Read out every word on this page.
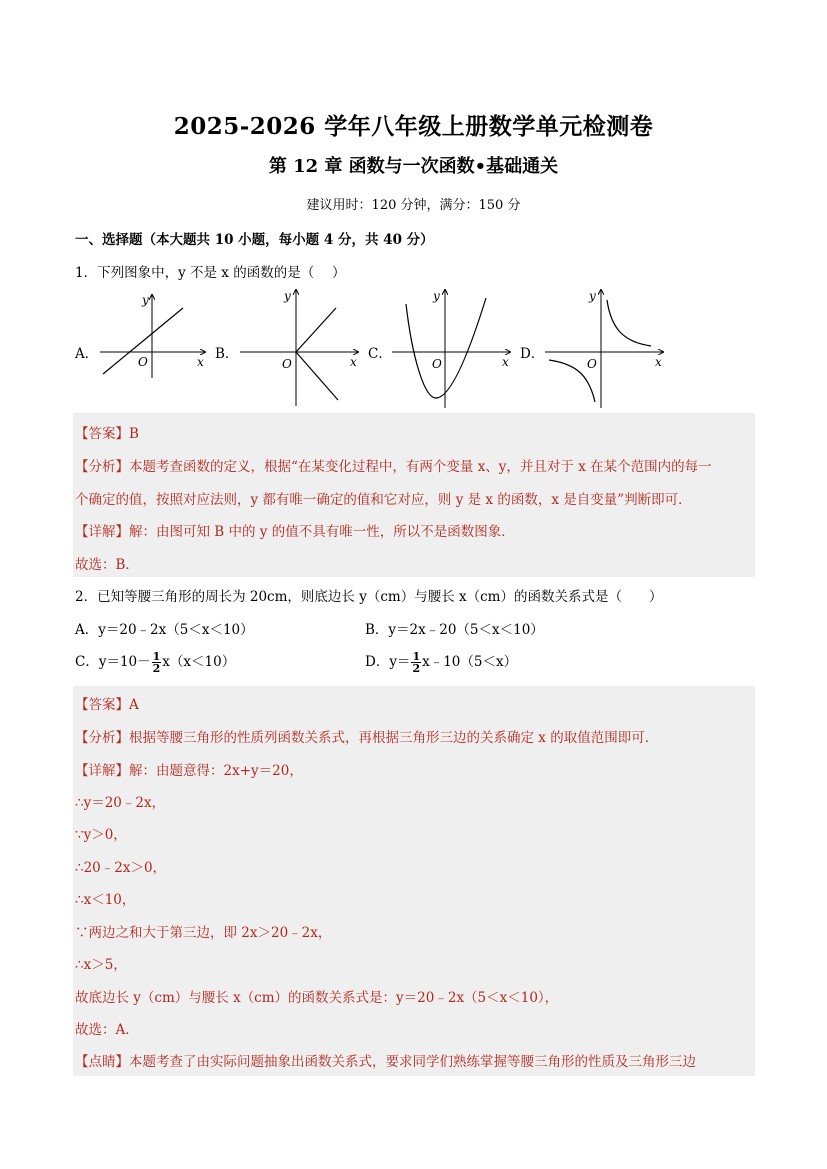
2025-2026 学年八年级上册数学单元检测卷
第 12 章 函数与一次函数•基础通关
建议用时：120 分钟，满分：150 分
一、选择题（本大题共 10 小题，每小题 4 分，共 40 分）
1．下列图象中，y 不是 x 的函数的是（　 ）
A．	B．	C．	D．
x
y
O	x
y
O	x
y
O	x
y
O
【答案】B
【分析】本题考查函数的定义，根据“在某变化过程中，有两个变量 x、y，并且对于 x 在某个范围内的每一
个确定的值，按照对应法则，y 都有唯一确定的值和它对应，则 y 是 x 的函数，x 是自变量”判断即可．
【详解】解：由图可知 B 中的 y 的值不具有唯一性，所以不是函数图象．
故选：B．
2．已知等腰三角形的周长为 20cm，则底边长 y（cm）与腰长 x（cm）的函数关系式是（　　）
A．y＝20﹣2x（5＜x＜10）	B．y＝2x﹣20（5＜x＜10）
C．$y=10- \frac{1}{2} x(x<10)$	D．$y= \frac{1}{2}$ x﹣10（5＜x）
【答案】A
【分析】根据等腰三角形的性质列函数关系式，再根据三角形三边的关系确定 x 的取值范围即可．
【详解】解：由题意得：2x+y＝20，
∴y＝20﹣2x，
∵y＞0，
∴20﹣2x＞0，
∴x＜10，
∵两边之和大于第三边，即 2x＞20﹣2x，
∴x＞5，
故底边长 y（cm）与腰长 x（cm）的函数关系式是：y＝20﹣2x（5＜x＜10），
故选：A．
【点睛】本题考查了由实际问题抽象出函数关系式，要求同学们熟练掌握等腰三角形的性质及三角形三边
